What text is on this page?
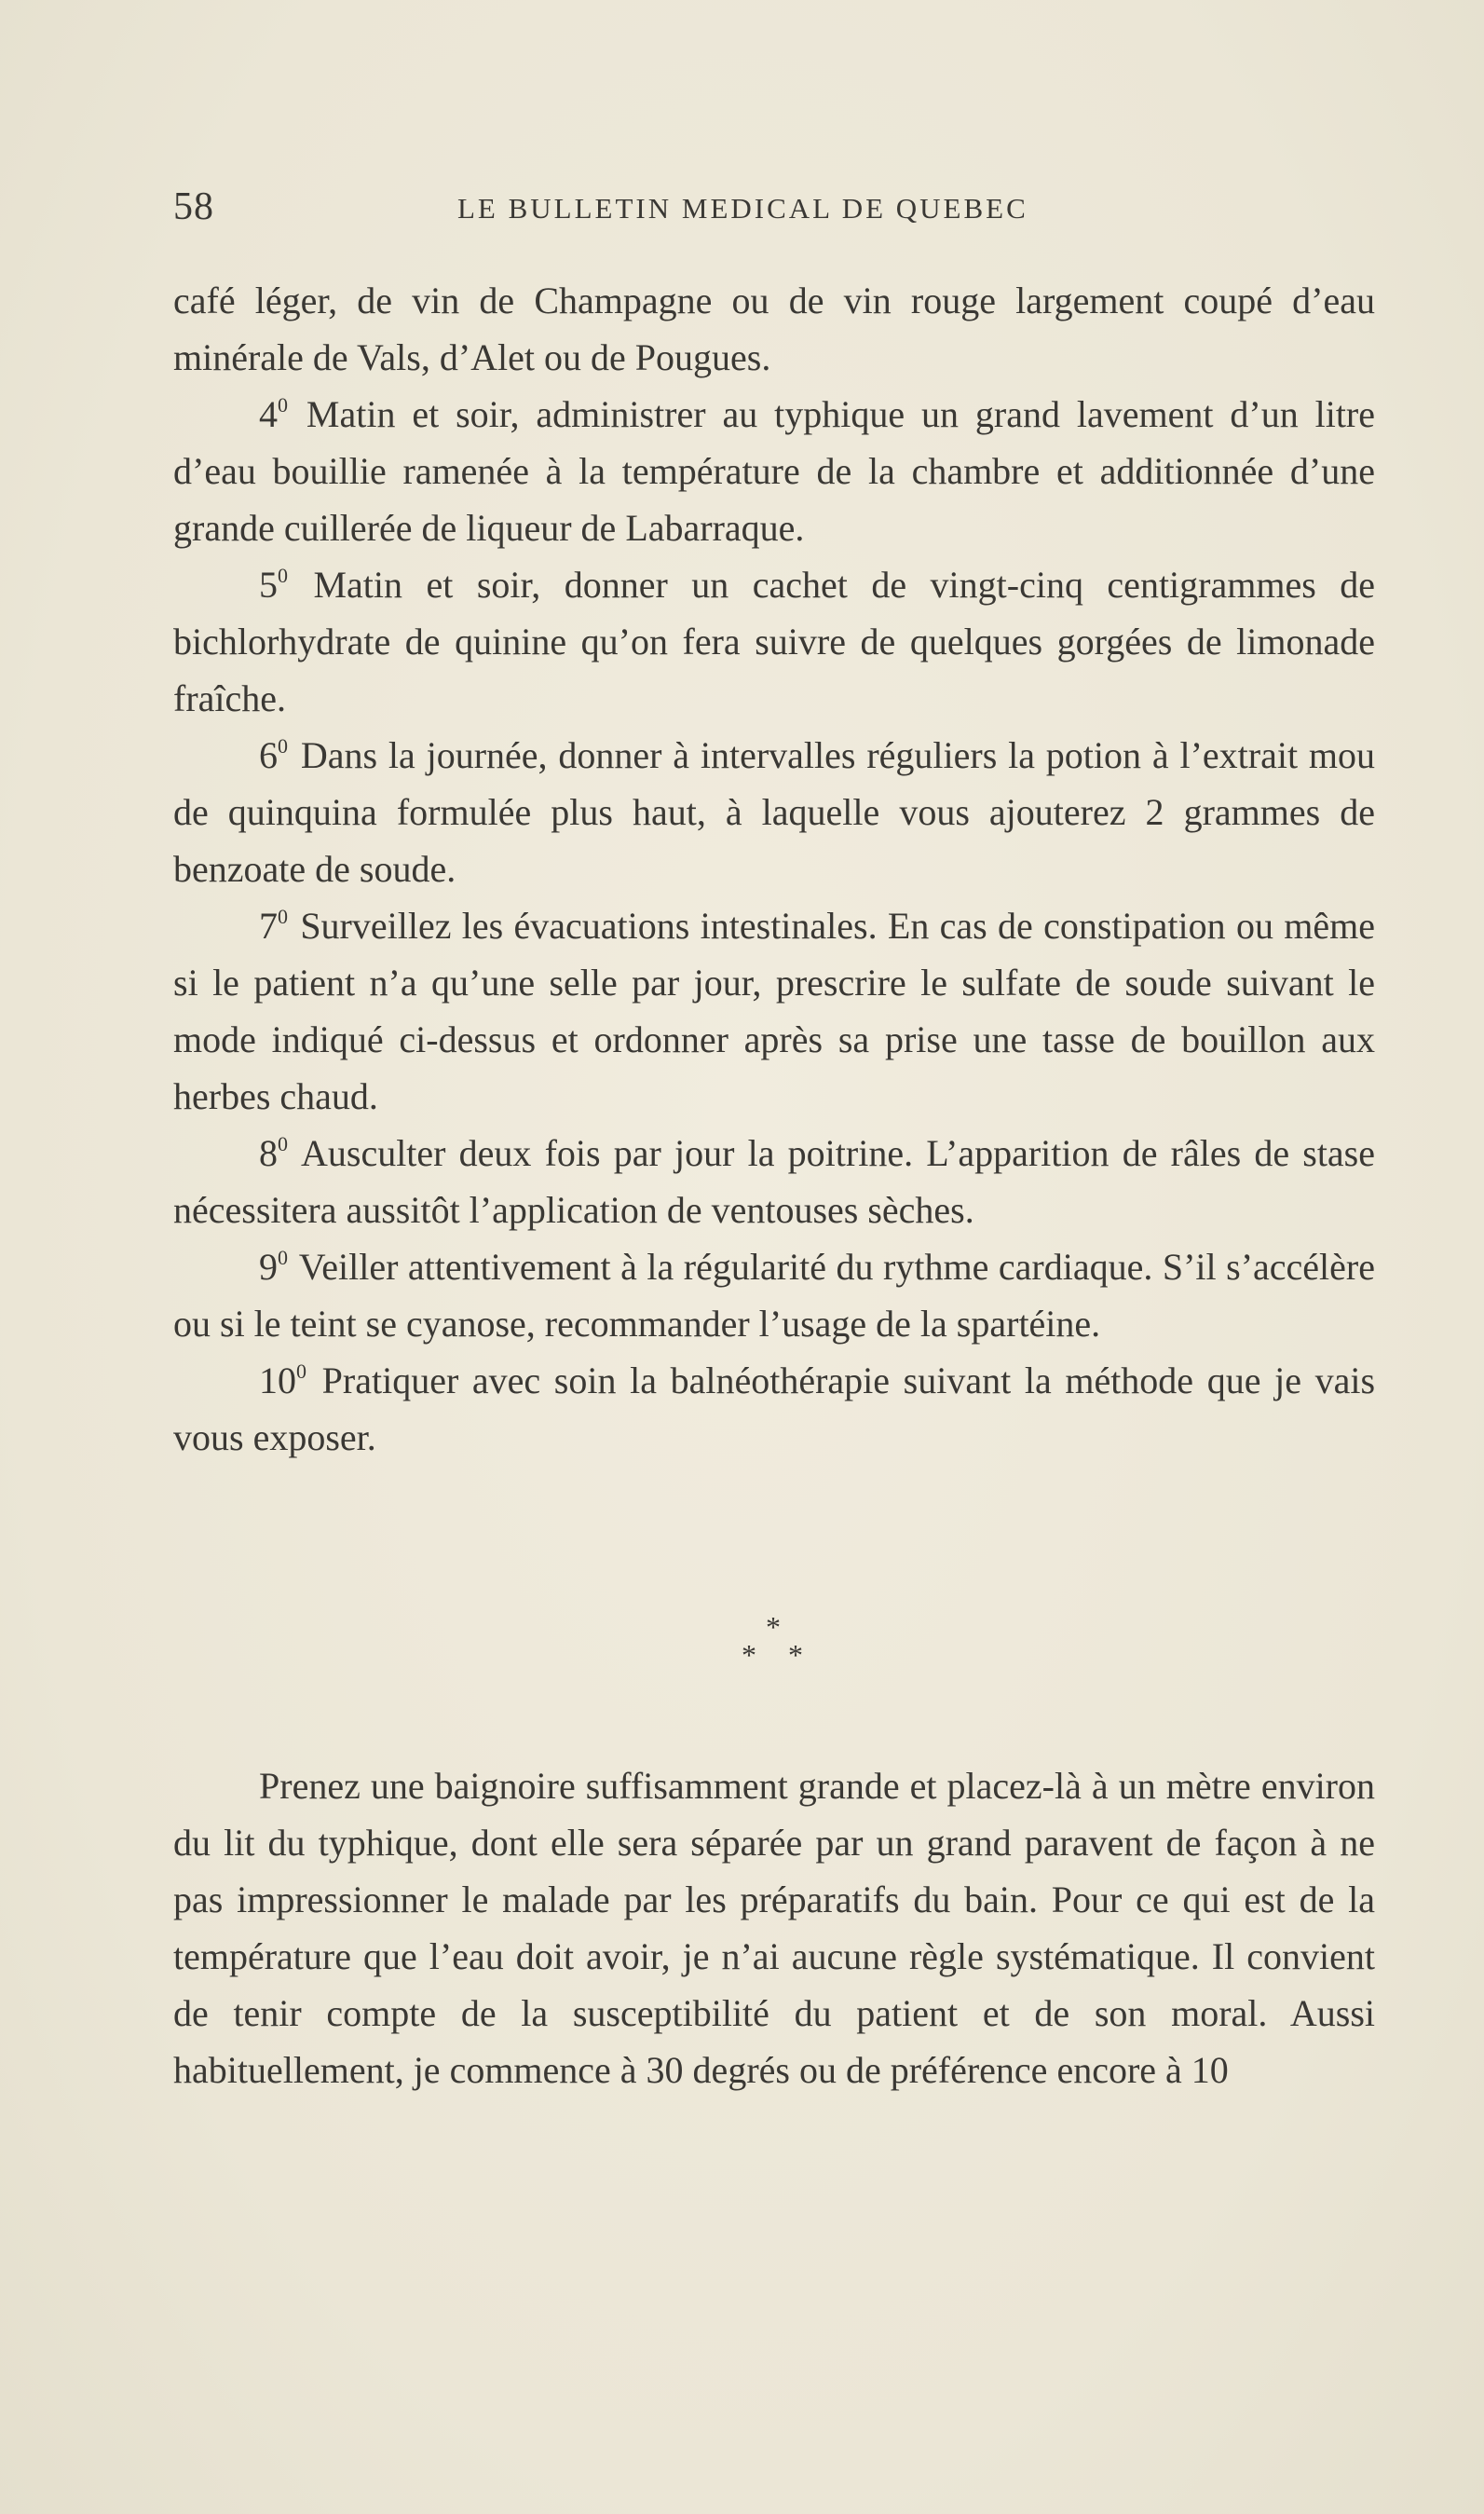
58	LE BULLETIN MEDICAL DE QUEBEC

café léger, de vin de Champagne ou de vin rouge largement coupé d’eau minérale de Vals, d’Alet ou de Pougues.

$4^0$ Matin et soir, administrer au typhique un grand lavement d’un litre d’eau bouillie ramenée à la température de la chambre et additionnée d’une grande cuillerée de liqueur de Labarraque.

$5^0$ Matin et soir, donner un cachet de vingt-cinq centigrammes de bichlorhydrate de quinine qu’on fera suivre de quelques gorgées de limonade fraîche.

$6^0$ Dans la journée, donner à intervalles réguliers la potion à l’extrait mou de quinquina formulée plus haut, à laquelle vous ajouterez 2 grammes de benzoate de soude.

$7^0$ Surveillez les évacuations intestinales. En cas de constipation ou même si le patient n’a qu’une selle par jour, prescrire le sulfate de soude suivant le mode indiqué ci-dessus et ordonner après sa prise une tasse de bouillon aux herbes chaud.

$8^0$ Ausculter deux fois par jour la poitrine. L’apparition de râles de stase nécessitera aussitôt l’application de ventouses sèches.

$9^0$ Veiller attentivement à la régularité du rythme cardiaque. S’il s’accélère ou si le teint se cyanose, recommander l’usage de la spartéine.

$10^0$ Pratiquer avec soin la balnéothérapie suivant la méthode que je vais vous exposer.

*
* *

Prenez une baignoire suffisamment grande et placez-là à un mètre environ du lit du typhique, dont elle sera séparée par un grand paravent de façon à ne pas impressionner le malade par les préparatifs du bain. Pour ce qui est de la température que l’eau doit avoir, je n’ai aucune règle systématique. Il convient de tenir compte de la susceptibilité du patient et de son moral. Aussi habituellement, je commence à 30 degrés ou de préférence encore à 10
